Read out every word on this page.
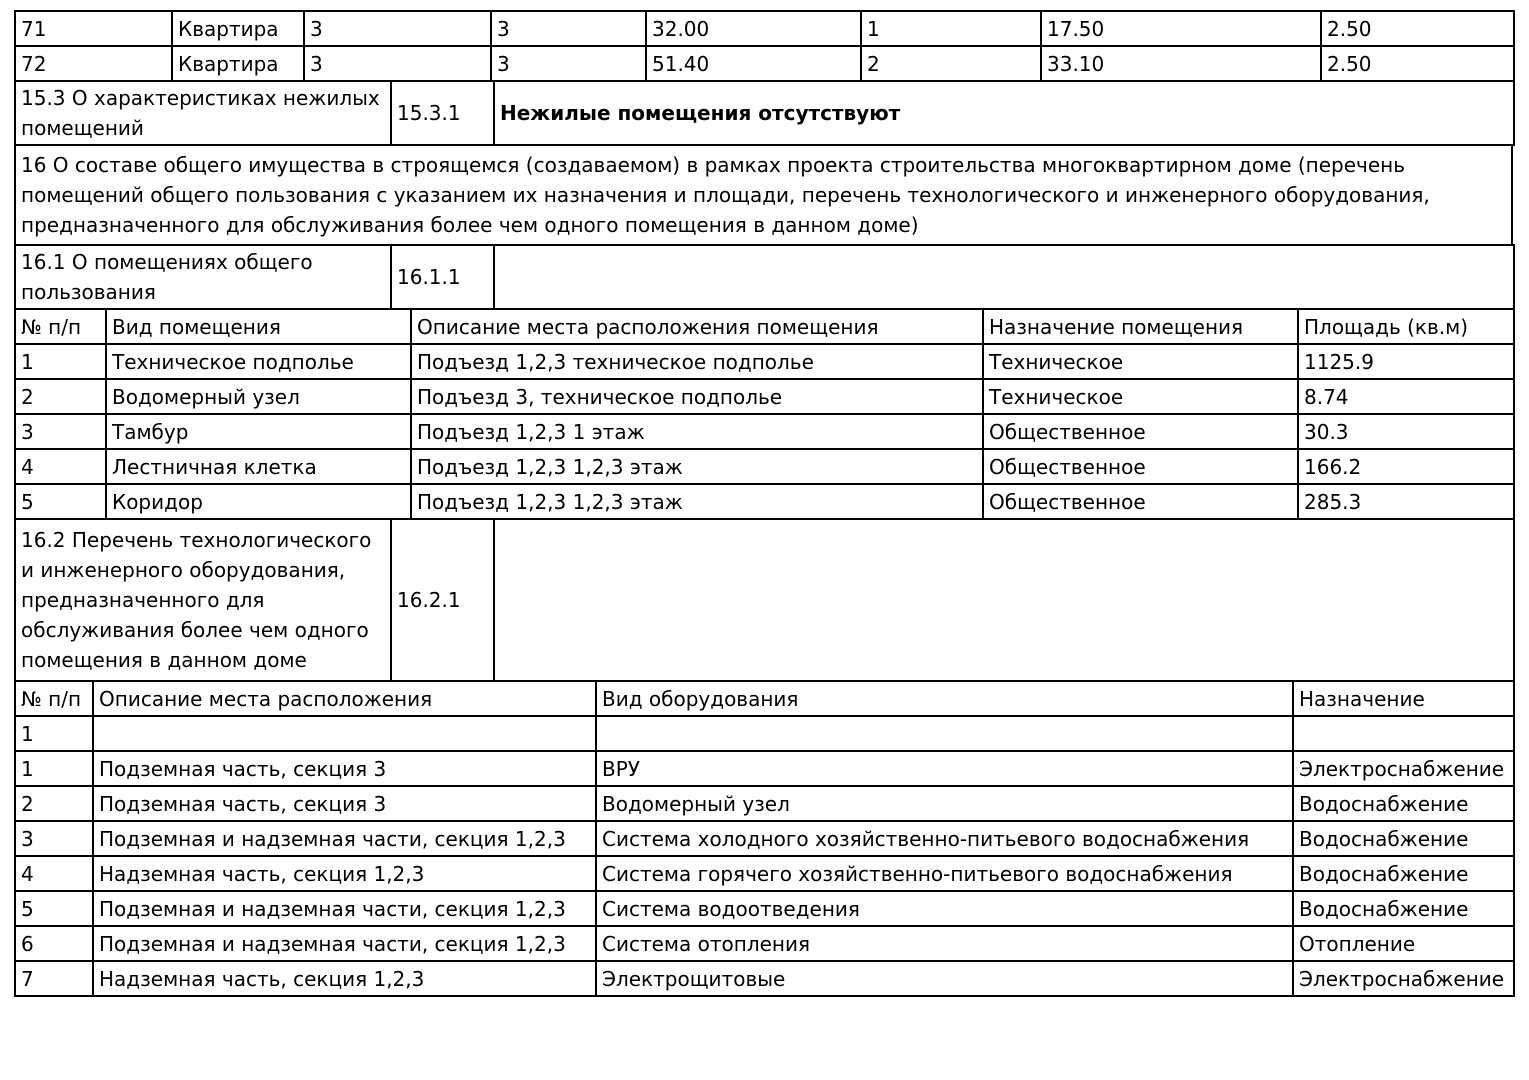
71	Квартира	3	3	32.00	1	17.50	2.50
72	Квартира	3	3	51.40	2	33.10	2.50
15.3 О характеристиках нежилых помещений	15.3.1	Нежилые помещения отсутствуют
16 О составе общего имущества в строящемся (создаваемом) в рамках проекта строительства многоквартирном доме (перечень помещений общего пользования с указанием их назначения и площади, перечень технологического и инженерного оборудования, предназначенного для обслуживания более чем одного помещения в данном доме)
16.1 О помещениях общего пользования	16.1.1	
№ п/п	Вид помещения	Описание места расположения помещения	Назначение помещения	Площадь (кв.м)
1	Техническое подполье	Подъезд 1,2,3 техническое подполье	Техническое	1125.9
2	Водомерный узел	Подъезд 3, техническое подполье	Техническое	8.74
3	Тамбур	Подъезд 1,2,3 1 этаж	Общественное	30.3
4	Лестничная клетка	Подъезд 1,2,3 1,2,3 этаж	Общественное	166.2
5	Коридор	Подъезд 1,2,3 1,2,3 этаж	Общественное	285.3
16.2 Перечень технологического и инженерного оборудования, предназначенного для обслуживания более чем одного помещения в данном доме	16.2.1	
№ п/п	Описание места расположения	Вид оборудования	Назначение
1			
1	Подземная часть, секция 3	ВРУ	Электроснабжение
2	Подземная часть, секция 3	Водомерный узел	Водоснабжение
3	Подземная и надземная части, секция 1,2,3	Система холодного хозяйственно-питьевого водоснабжения	Водоснабжение
4	Надземная часть, секция 1,2,3	Система горячего хозяйственно-питьевого водоснабжения	Водоснабжение
5	Подземная и надземная части, секция 1,2,3	Система водоотведения	Водоснабжение
6	Подземная и надземная части, секция 1,2,3	Система отопления	Отопление
7	Надземная часть, секция 1,2,3	Электрощитовые	Электроснабжение
